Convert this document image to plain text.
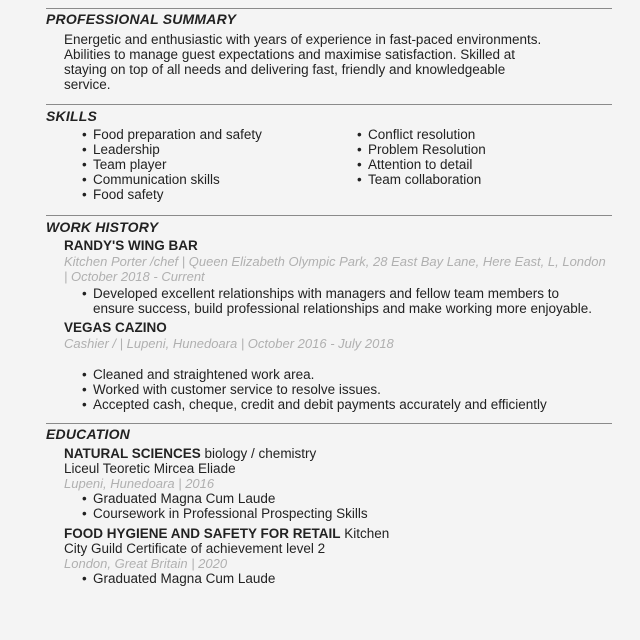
PROFESSIONAL SUMMARY
Energetic and enthusiastic with years of experience in fast-paced environments.
Abilities to manage guest expectations and maximise satisfaction. Skilled at
staying on top of all needs and delivering fast, friendly and knowledgeable
service.
SKILLS
• Food preparation and safety
• Leadership
• Team player
• Communication skills
• Food safety
• Conflict resolution
• Problem Resolution
• Attention to detail
• Team collaboration
WORK HISTORY
RANDY'S WING BAR
Kitchen Porter /chef | Queen Elizabeth Olympic Park, 28 East Bay Lane, Here East, L, London
| October 2018 - Current
• Developed excellent relationships with managers and fellow team members to
ensure success, build professional relationships and make working more enjoyable.
VEGAS CAZINO
Cashier / | Lupeni, Hunedoara | October 2016 - July 2018
• Cleaned and straightened work area.
• Worked with customer service to resolve issues.
• Accepted cash, cheque, credit and debit payments accurately and efficiently
EDUCATION
NATURAL SCIENCES biology / chemistry
Liceul Teoretic Mircea Eliade
Lupeni, Hunedoara | 2016
• Graduated Magna Cum Laude
• Coursework in Professional Prospecting Skills
FOOD HYGIENE AND SAFETY FOR RETAIL Kitchen
City Guild Certificate of achievement level 2
London, Great Britain | 2020
• Graduated Magna Cum Laude
